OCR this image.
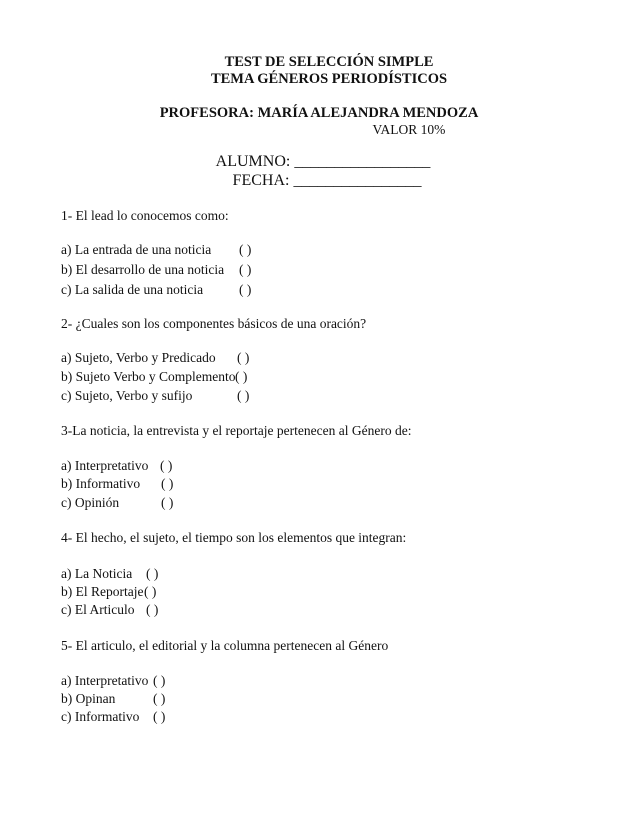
TEST DE SELECCIÓN SIMPLE
TEMA GÉNEROS PERIODÍSTICOS
PROFESORA: MARÍA ALEJANDRA MENDOZA
VALOR 10%
ALUMNO: _________________
FECHA: ________________
1- El lead lo conocemos como:
a) La entrada de una noticia ( )
b) El desarrollo de una noticia ( )
c) La salida de una noticia	( )
2- ¿Cuales son los componentes básicos de una oración?
a) Sujeto, Verbo y Predicado ( )
b) Sujeto Verbo y Complemento ( )
c) Sujeto, Verbo y sufijo	( )
3-La noticia, la entrevista y el reportaje pertenecen al Género de:
a) Interpretativo ( )
b) Informativo ( )
c) Opinión	( )
4- El hecho, el sujeto, el tiempo son los elementos que integran:
a) La Noticia ( )
b) El Reportaje ( )
c) El Articulo ( )
5- El articulo, el editorial y la columna pertenecen al Género
a) Interpretativo ( )
b) Opinan	( )
c) Informativo ( )
